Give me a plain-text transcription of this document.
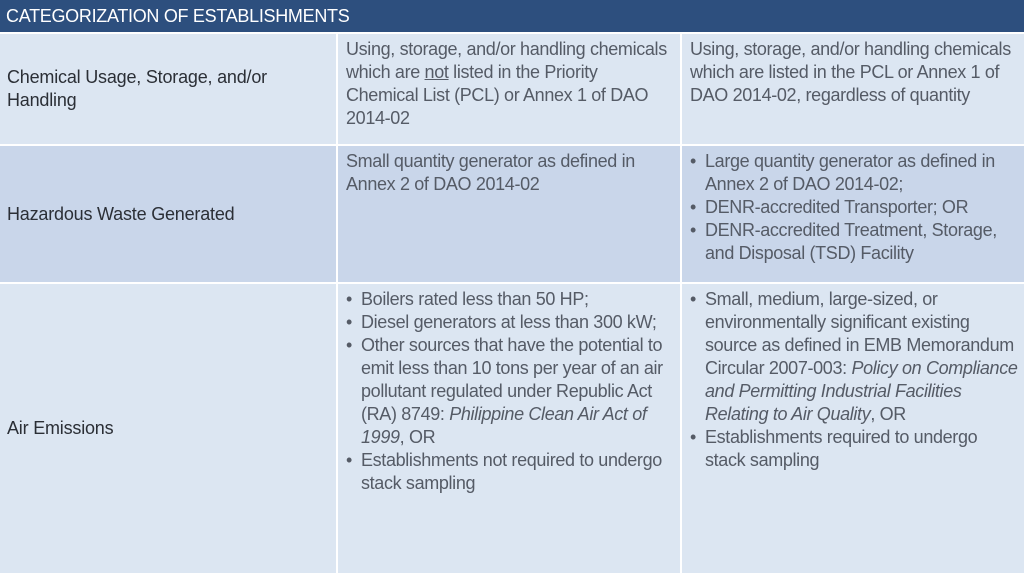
CATEGORIZATION OF ESTABLISHMENTS
Chemical Usage, Storage, and/or Handling
Using, storage, and/or handling chemicals which are not listed in the Priority Chemical List (PCL) or Annex 1 of DAO 2014-02
Using, storage, and/or handling chemicals which are listed in the PCL or Annex 1 of DAO 2014-02, regardless of quantity
Hazardous Waste Generated
Small quantity generator as defined in Annex 2 of DAO 2014-02
• Large quantity generator as defined in Annex 2 of DAO 2014-02;
• DENR-accredited Transporter; OR
• DENR-accredited Treatment, Storage, and Disposal (TSD) Facility
Air Emissions
• Boilers rated less than 50 HP;
• Diesel generators at less than 300 kW;
• Other sources that have the potential to emit less than 10 tons per year of an air pollutant regulated under Republic Act (RA) 8749: Philippine Clean Air Act of 1999, OR
• Establishments not required to undergo stack sampling
• Small, medium, large-sized, or environmentally significant existing source as defined in EMB Memorandum Circular 2007-003: Policy on Compliance and Permitting Industrial Facilities Relating to Air Quality, OR
• Establishments required to undergo stack sampling
